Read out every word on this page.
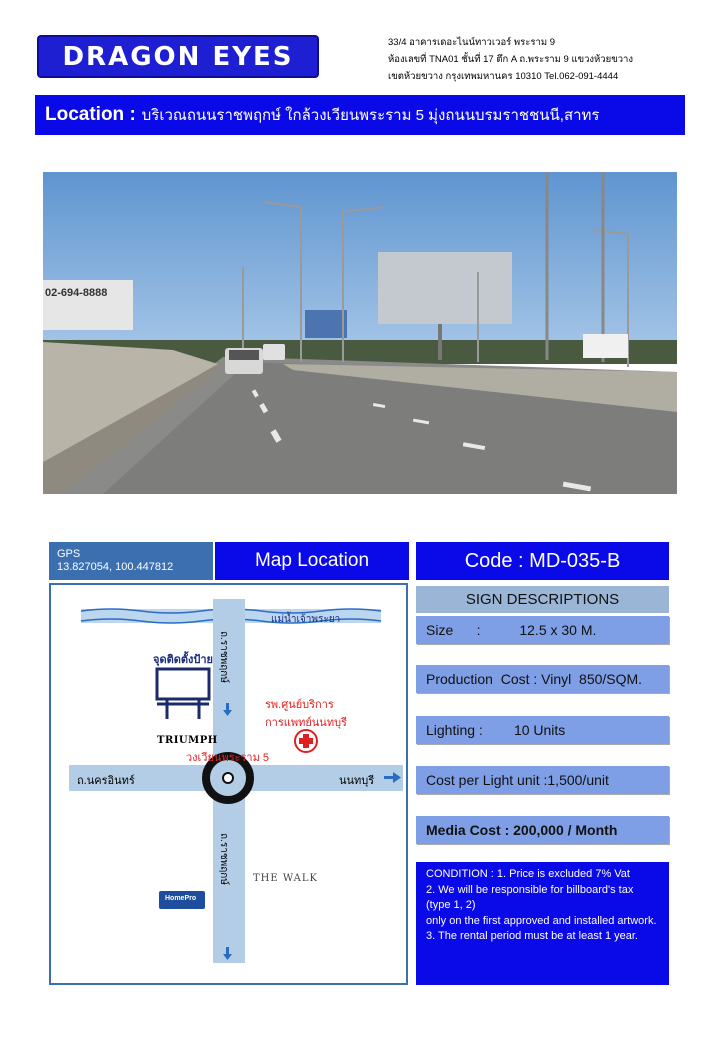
DRAGON EYES	33/4 อาคารเดอะไนน์ทาวเวอร์ พระราม 9
ห้องเลขที่ TNA01 ชั้นที่ 17 ตึก A ถ.พระราม 9 แขวงห้วยขวาง
เขตห้วยขวาง กรุงเทพมหานคร 10310 Tel.062-091-4444
Location : บริเวณถนนราชพฤกษ์ ใกล้วงเวียนพระราม 5 มุ่งถนนบรมราชชนนี,สาทร
02-694-8888
GPS
13.827054, 100.447812	Map Location
แม่น้ำเจ้าพระยา
ถ.ราชพฤกษ์
ถ.ราชพฤกษ์
จุดติดตั้งป้าย
รพ.ศูนย์บริการ
การแพทย์นนทบุรี
TRIUMPH
วงเวียนพระราม 5
ถ.นครอินทร์	นนทบุรี
HomePro
THE WALK
Code : MD-035-B
SIGN DESCRIPTIONS
Size      :          12.5 x 30 M.
Production  Cost : Vinyl  850/SQM.
Lighting :        10 Units
Cost per Light unit :1,500/unit
Media Cost : 200,000 / Month
CONDITION : 1. Price is excluded 7% Vat
2. We will be responsible for billboard's tax (type 1, 2)
only on the first approved and installed artwork.
3. The rental period must be at least 1 year.
